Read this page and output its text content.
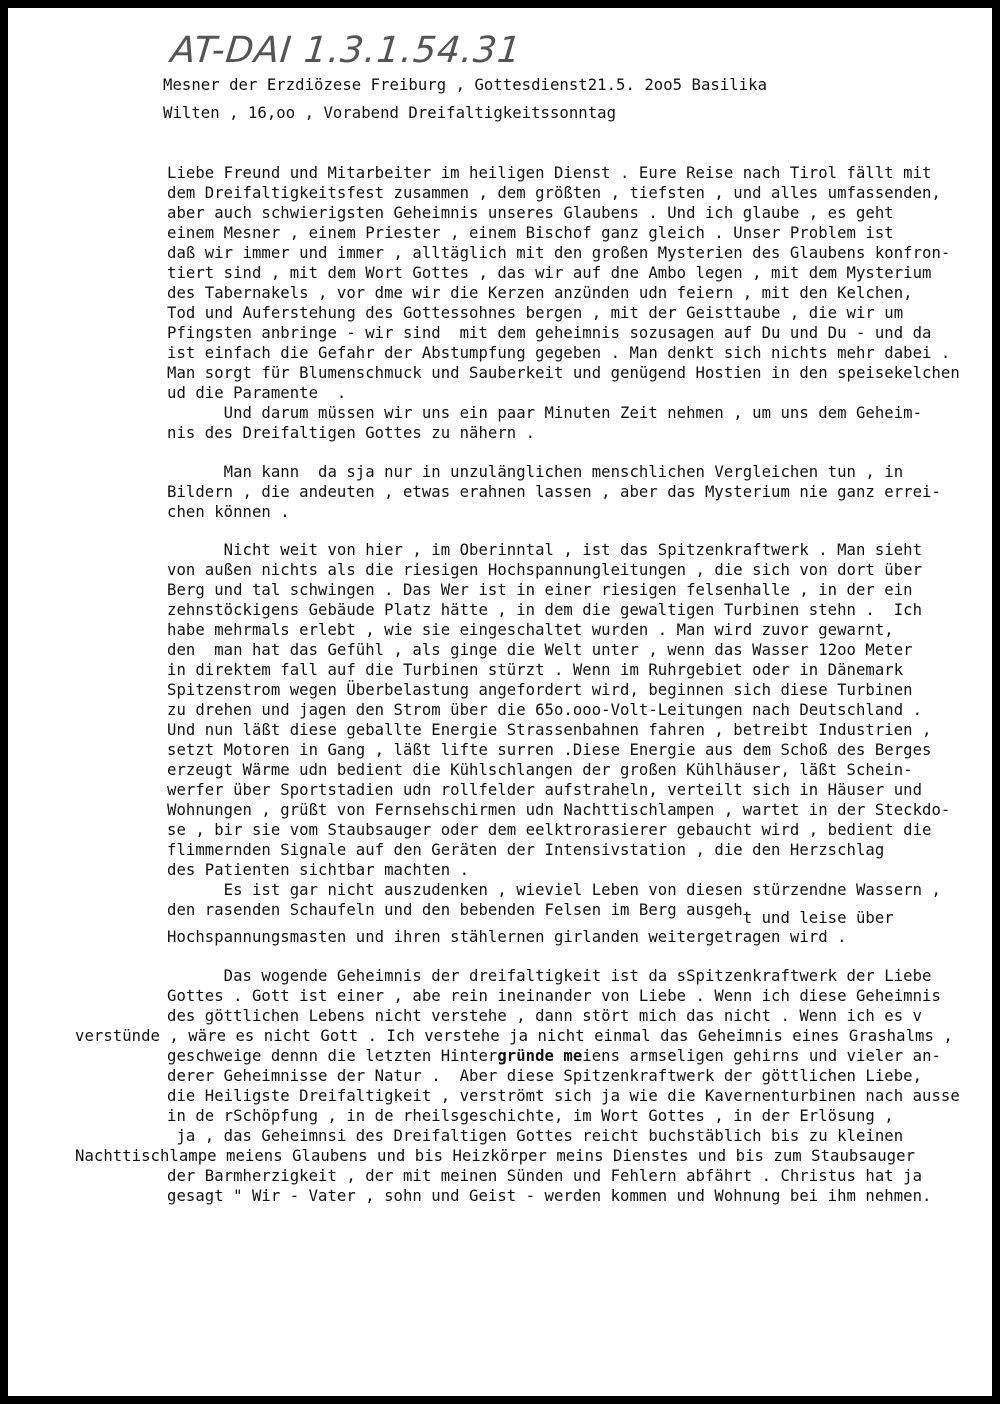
AT-DAI 1.3.1.54.31

Mesner der Erzdiözese Freiburg , Gottesdienst21.5. 2oo5 Basilika

Wilten , 16,oo , Vorabend Dreifaltigkeitssonntag

Liebe Freund und Mitarbeiter im heiligen Dienst . Eure Reise nach Tirol fällt mit

dem Dreifaltigkeitsfest zusammen , dem größten , tiefsten , und alles umfassenden,

aber auch schwierigsten Geheimnis unseres Glaubens . Und ich glaube , es geht

einem Mesner , einem Priester , einem Bischof ganz gleich . Unser Problem ist

daß wir immer und immer , alltäglich mit den großen Mysterien des Glaubens konfron-

tiert sind , mit dem Wort Gottes , das wir auf dne Ambo legen , mit dem Mysterium

des Tabernakels , vor dme wir die Kerzen anzünden udn feiern , mit den Kelchen,

Tod und Auferstehung des Gottessohnes bergen , mit der Geisttaube , die wir um

Pfingsten anbringe - wir sind  mit dem geheimnis sozusagen auf Du und Du - und da

ist einfach die Gefahr der Abstumpfung gegeben . Man denkt sich nichts mehr dabei .

Man sorgt für Blumenschmuck und Sauberkeit und genügend Hostien in den speisekelchen

ud die Paramente  .

Und darum müssen wir uns ein paar Minuten Zeit nehmen , um uns dem Geheim-

nis des Dreifaltigen Gottes zu nähern .

Man kann  da sja nur in unzulänglichen menschlichen Vergleichen tun , in

Bildern , die andeuten , etwas erahnen lassen , aber das Mysterium nie ganz errei-

chen können .

Nicht weit von hier , im Oberinntal , ist das Spitzenkraftwerk . Man sieht

von außen nichts als die riesigen Hochspannungleitungen , die sich von dort über

Berg und tal schwingen . Das Wer ist in einer riesigen felsenhalle , in der ein

zehnstöckigens Gebäude Platz hätte , in dem die gewaltigen Turbinen stehn .  Ich

habe mehrmals erlebt , wie sie eingeschaltet wurden . Man wird zuvor gewarnt,

den  man hat das Gefühl , als ginge die Welt unter , wenn das Wasser 12oo Meter

in direktem fall auf die Turbinen stürzt . Wenn im Ruhrgebiet oder in Dänemark

Spitzenstrom wegen Überbelastung angefordert wird, beginnen sich diese Turbinen

zu drehen und jagen den Strom über die 65o.ooo-Volt-Leitungen nach Deutschland .

Und nun läßt diese geballte Energie Strassenbahnen fahren , betreibt Industrien ,

setzt Motoren in Gang , läßt lifte surren .Diese Energie aus dem Schoß des Berges

erzeugt Wärme udn bedient die Kühlschlangen der großen Kühlhäuser, läßt Schein-

werfer über Sportstadien udn rollfelder aufstraheln, verteilt sich in Häuser und

Wohnungen , grüßt von Fernsehschirmen udn Nachttischlampen , wartet in der Steckdo-

se , bir sie vom Staubsauger oder dem eelktrorasierer gebaucht wird , bedient die

flimmernden Signale auf den Geräten der Intensivstation , die den Herzschlag

des Patienten sichtbar machten .

Es ist gar nicht auszudenken , wieviel Leben von diesen stürzendne Wassern ,

den rasenden Schaufeln und den bebenden Felsen im Berg ausgeht und leise über

Hochspannungsmasten und ihren stählernen girlanden weitergetragen wird .

Das wogende Geheimnis der dreifaltigkeit ist da sSpitzenkraftwerk der Liebe

Gottes . Gott ist einer , abe rein ineinander von Liebe . Wenn ich diese Geheimnis

des göttlichen Lebens nicht verstehe , dann stört mich das nicht . Wenn ich es v

verstünde , wäre es nicht Gott . Ich verstehe ja nicht einmal das Geheimnis eines Grashalms ,

geschweige dennn die letzten Hintergründe meiens armseligen gehirns und vieler an-

derer Geheimnisse der Natur .  Aber diese Spitzenkraftwerk der göttlichen Liebe,

die Heiligste Dreifaltigkeit , verströmt sich ja wie die Kavernenturbinen nach ausse

in de rSchöpfung , in de rheilsgeschichte, im Wort Gottes , in der Erlösung ,

ja , das Geheimnsi des Dreifaltigen Gottes reicht buchstäblich bis zu kleinen

Nachttischlampe meiens Glaubens und bis Heizkörper meins Dienstes und bis zum Staubsauger

der Barmherzigkeit , der mit meinen Sünden und Fehlern abfährt . Christus hat ja

gesagt " Wir - Vater , sohn und Geist - werden kommen und Wohnung bei ihm nehmen.
